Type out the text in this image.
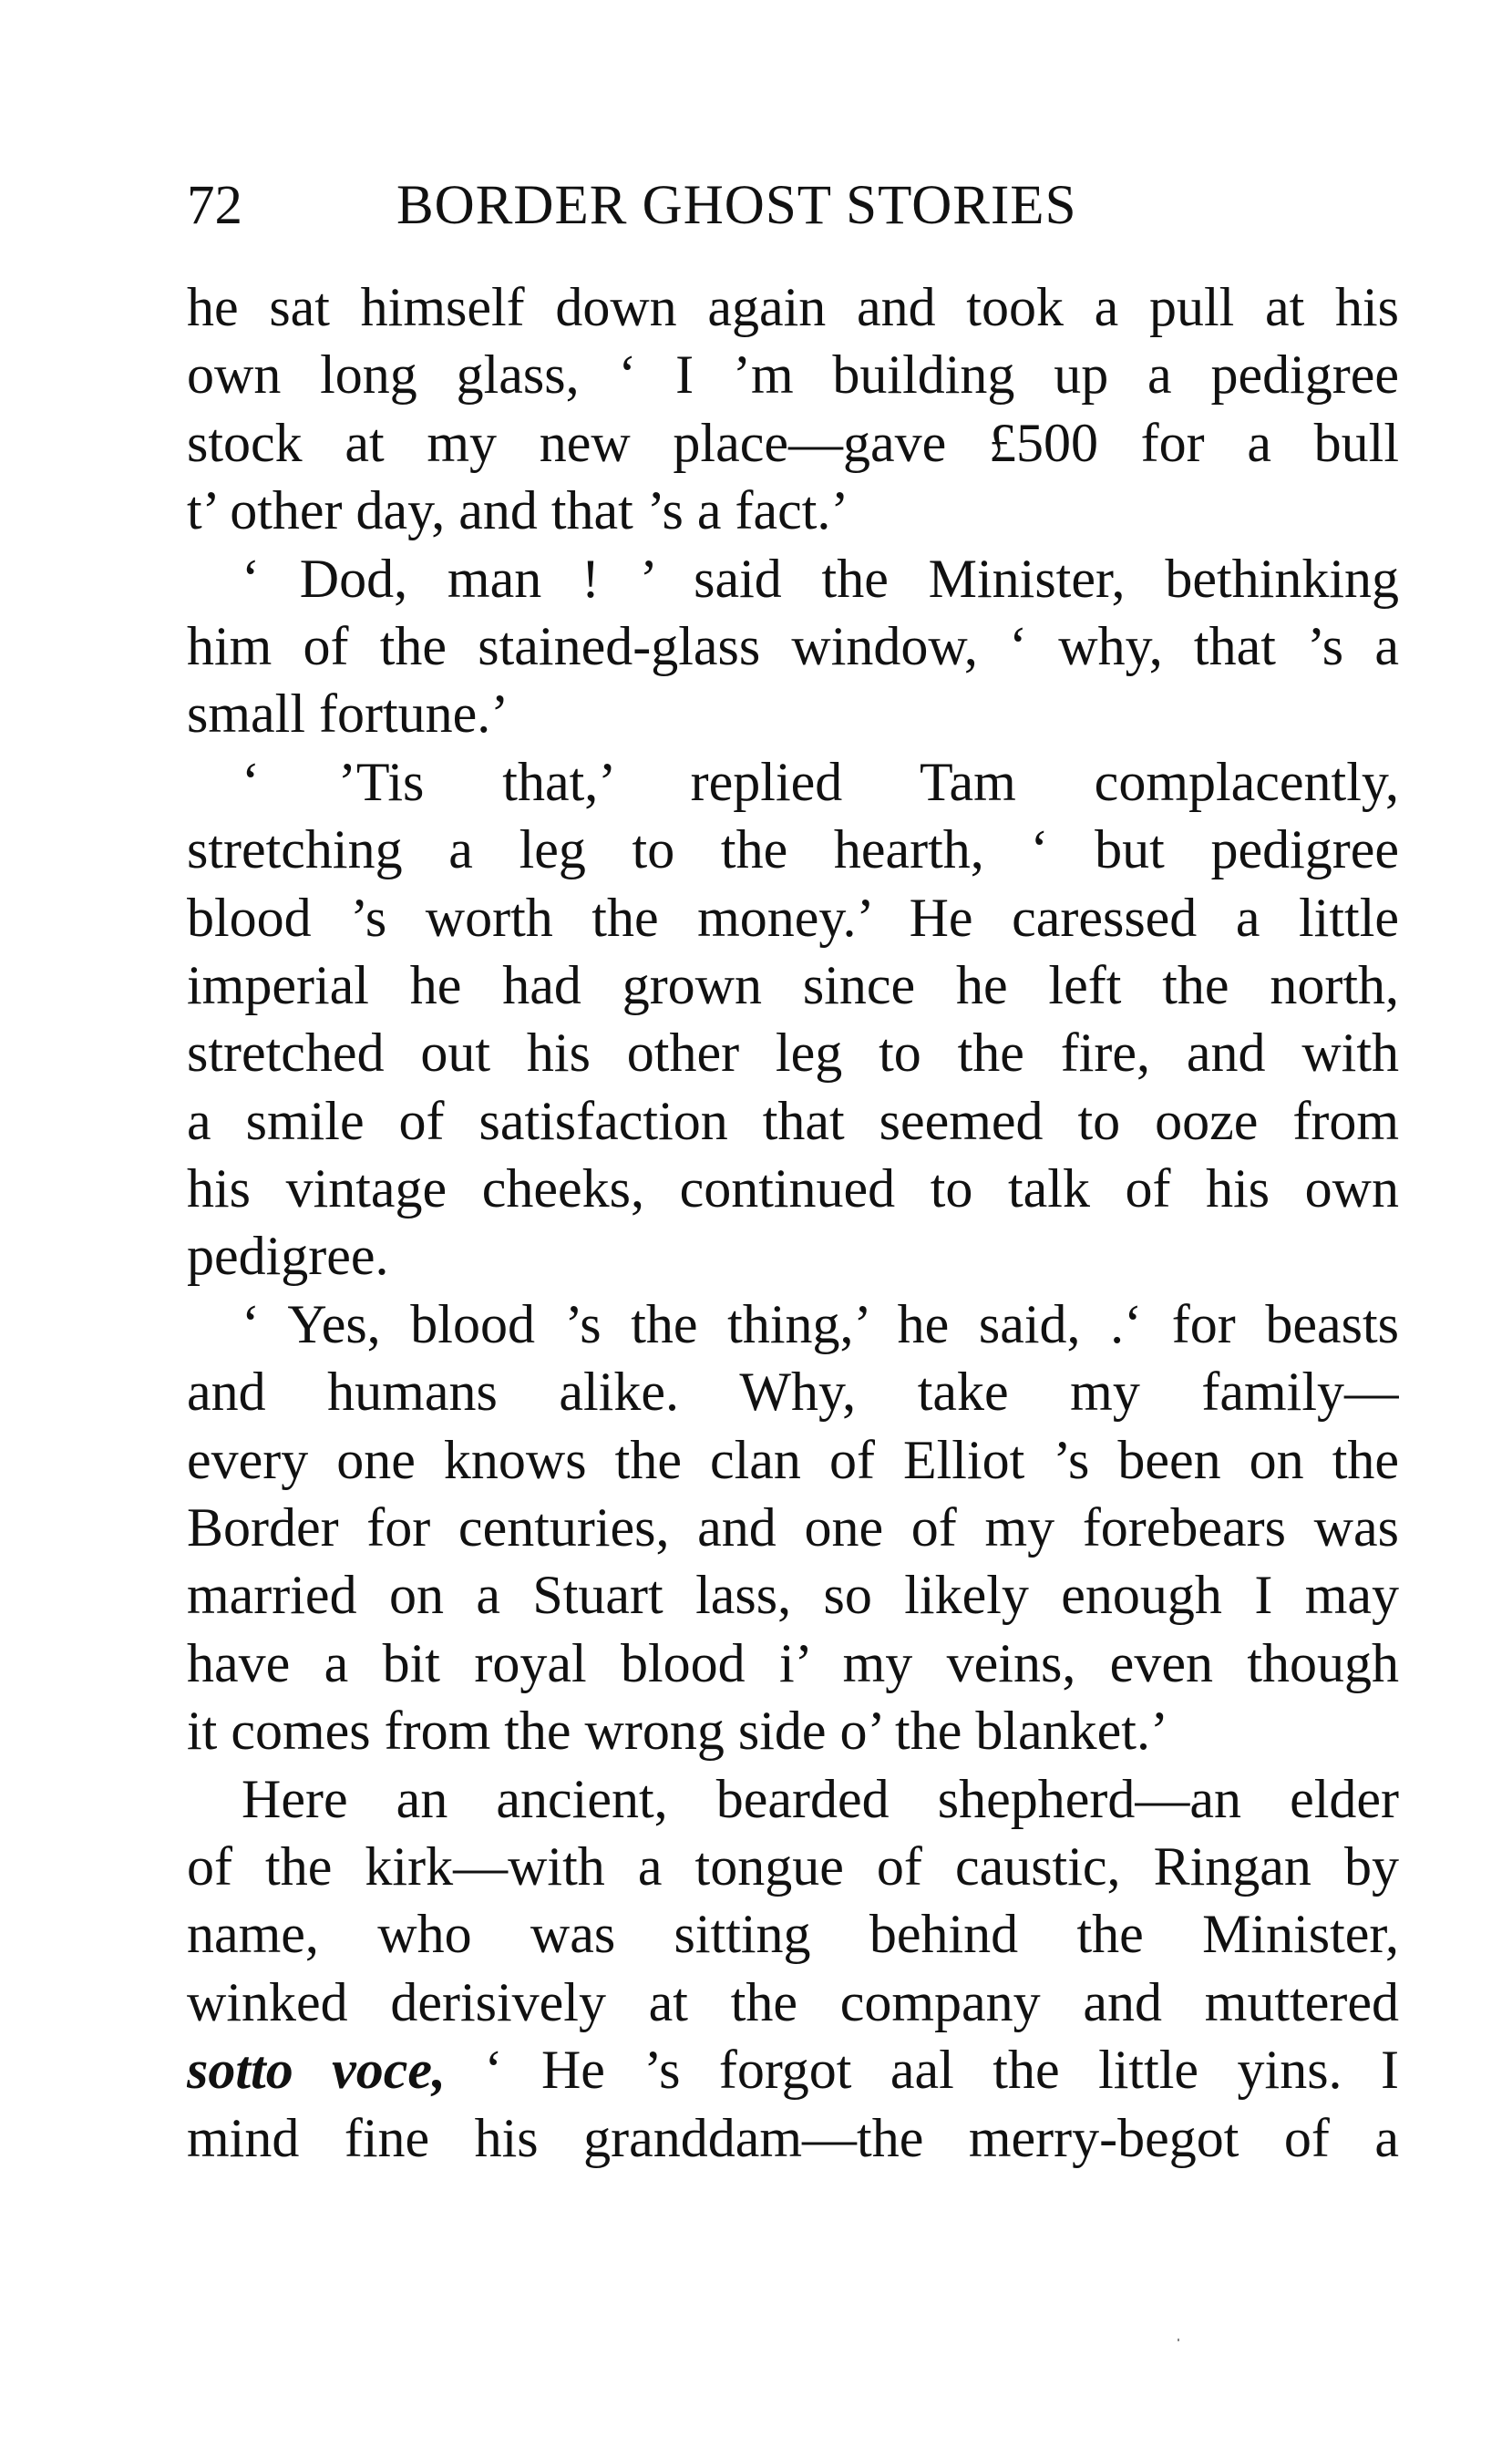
72	BORDER GHOST STORIES
he sat himself down again and took a pull at his
own long glass, ‘ I ’m building up a pedigree
stock at my new place—gave £500 for a bull
t’ other day, and that ’s a fact.’
‘ Dod, man ! ’ said the Minister, bethinking
him of the stained-glass window, ‘ why, that ’s a
small fortune.’
‘ ’Tis that,’ replied Tam complacently,
stretching a leg to the hearth, ‘ but pedigree
blood ’s worth the money.’ He caressed a little
imperial he had grown since he left the north,
stretched out his other leg to the fire, and with
a smile of satisfaction that seemed to ooze from
his vintage cheeks, continued to talk of his own
pedigree.
‘ Yes, blood ’s the thing,’ he said, .‘ for beasts
and humans alike. Why, take my family—
every one knows the clan of Elliot ’s been on the
Border for centuries, and one of my forebears was
married on a Stuart lass, so likely enough I may
have a bit royal blood i’ my veins, even though
it comes from the wrong side o’ the blanket.’
Here an ancient, bearded shepherd—an elder
of the kirk—with a tongue of caustic, Ringan by
name, who was sitting behind the Minister,
winked derisively at the company and muttered
sotto voce, ‘ He ’s forgot aal the little yins. I
mind fine his granddam—the merry-begot of a
